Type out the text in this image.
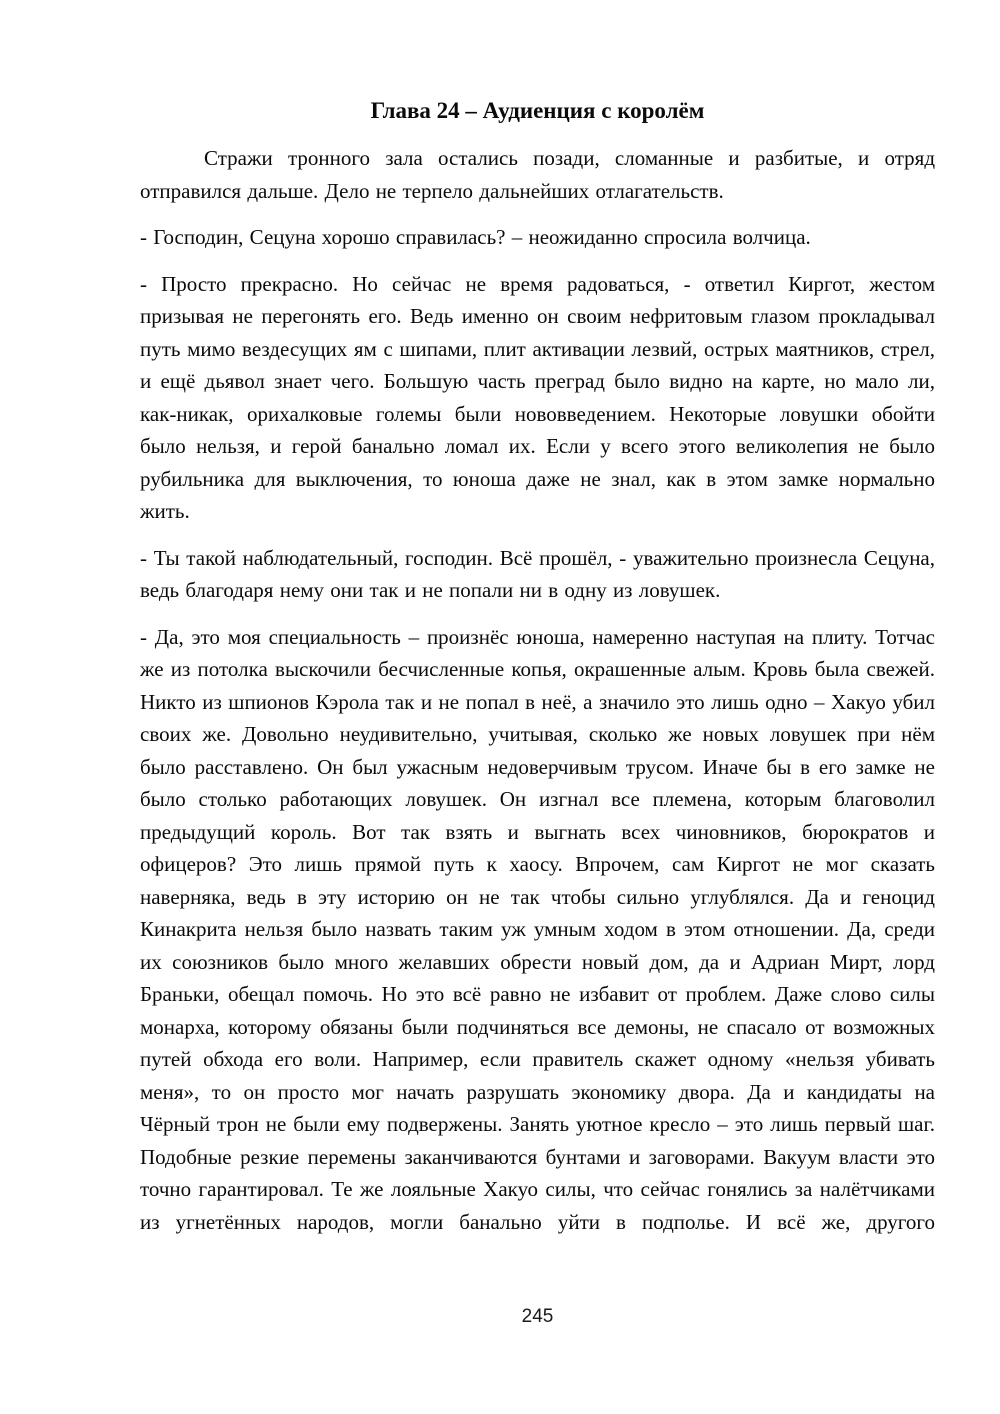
Глава 24 – Аудиенция с королём

Стражи тронного зала остались позади, сломанные и разбитые, и отряд отправился дальше. Дело не терпело дальнейших отлагательств.

- Господин, Сецуна хорошо справилась? – неожиданно спросила волчица.

- Просто прекрасно. Но сейчас не время радоваться, - ответил Киргот, жестом призывая не перегонять его. Ведь именно он своим нефритовым глазом прокладывал путь мимо вездесущих ям с шипами, плит активации лезвий, острых маятников, стрел, и ещё дьявол знает чего. Большую часть преград было видно на карте, но мало ли, как-никак, орихалковые големы были нововведением. Некоторые ловушки обойти было нельзя, и герой банально ломал их. Если у всего этого великолепия не было рубильника для выключения, то юноша даже не знал, как в этом замке нормально жить.

- Ты такой наблюдательный, господин. Всё прошёл, - уважительно произнесла Сецуна, ведь благодаря нему они так и не попали ни в одну из ловушек.

- Да, это моя специальность – произнёс юноша, намеренно наступая на плиту. Тотчас же из потолка выскочили бесчисленные копья, окрашенные алым. Кровь была свежей. Никто из шпионов Кэрола так и не попал в неё, а значило это лишь одно – Хакуо убил своих же. Довольно неудивительно, учитывая, сколько же новых ловушек при нём было расставлено. Он был ужасным недоверчивым трусом. Иначе бы в его замке не было столько работающих ловушек. Он изгнал все племена, которым благоволил предыдущий король. Вот так взять и выгнать всех чиновников, бюрократов и офицеров? Это лишь прямой путь к хаосу. Впрочем, сам Киргот не мог сказать наверняка, ведь в эту историю он не так чтобы сильно углублялся. Да и геноцид Кинакрита нельзя было назвать таким уж умным ходом в этом отношении. Да, среди их союзников было много желавших обрести новый дом, да и Адриан Мирт, лорд Браньки, обещал помочь. Но это всё равно не избавит от проблем. Даже слово силы монарха, которому обязаны были подчиняться все демоны, не спасало от возможных путей обхода его воли. Например, если правитель скажет одному «нельзя убивать меня», то он просто мог начать разрушать экономику двора. Да и кандидаты на Чёрный трон не были ему подвержены. Занять уютное кресло – это лишь первый шаг. Подобные резкие перемены заканчиваются бунтами и заговорами. Вакуум власти это точно гарантировал. Те же лояльные Хакуо силы, что сейчас гонялись за налётчиками из угнетённых народов, могли банально уйти в подполье. И всё же, другого

245
